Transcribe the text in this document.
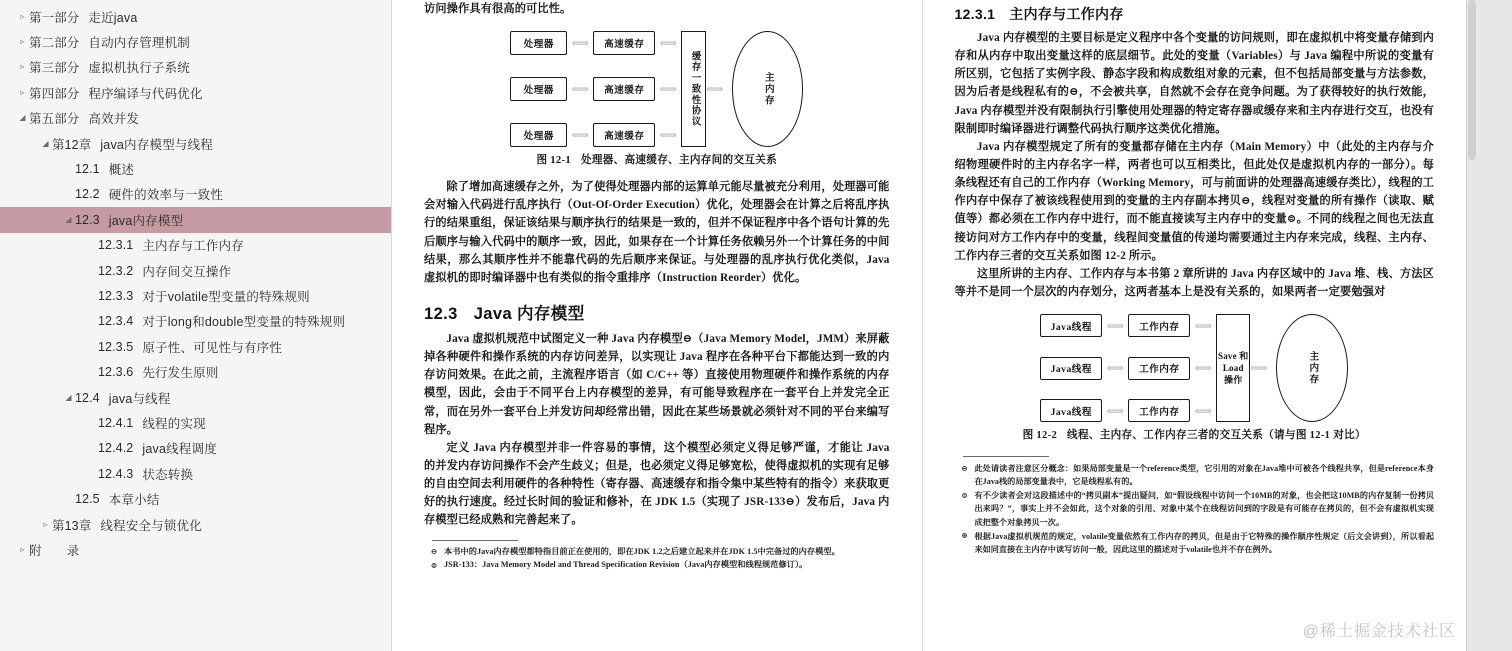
▹ 第一部分 走近java
▹ 第二部分 自动内存管理机制
▹ 第三部分 虚拟机执行子系统
▹ 第四部分 程序编译与代码优化
◢ 第五部分 高效并发
◢ 第12章 java内存模型与线程
12.1 概述
12.2 硬件的效率与一致性
◢ 12.3 java内存模型
12.3.1 主内存与工作内存
12.3.2 内存间交互操作
12.3.3 对于volatile型变量的特殊规则
12.3.4 对于long和double型变量的特殊规则
12.3.5 原子性、可见性与有序性
12.3.6 先行发生原则
◢ 12.4 java与线程
12.4.1 线程的实现
12.4.2 java线程调度
12.4.3 状态转换
12.5 本章小结
▹ 第13章 线程安全与锁优化
▹ 附　　录

访问操作具有很高的可比性。

处理器
处理器
处理器
⟺
⟺
⟺
高速缓存
高速缓存
高速缓存
⟺
⟺
⟺
缓存一致性协议 ⟺	主内存
图 12-1 处理器、高速缓存、主内存间的交互关系

除了增加高速缓存之外，为了使得处理器内部的运算单元能尽量被充分利用，处理器可能会对输入代码进行乱序执行（Out-Of-Order Execution）优化，处理器会在计算之后将乱序执行的结果重组，保证该结果与顺序执行的结果是一致的，但并不保证程序中各个语句计算的先后顺序与输入代码中的顺序一致，因此，如果存在一个计算任务依赖另外一个计算任务的中间结果，那么其顺序性并不能靠代码的先后顺序来保证。与处理器的乱序执行优化类似，Java 虚拟机的即时编译器中也有类似的指令重排序（Instruction Reorder）优化。

12.3 Java 内存模型

Java 虚拟机规范中试图定义一种 Java 内存模型⊖（Java Memory Model，JMM）来屏蔽掉各种硬件和操作系统的内存访问差异，以实现让 Java 程序在各种平台下都能达到一致的内存访问效果。在此之前，主流程序语言（如 C/C++ 等）直接使用物理硬件和操作系统的内存模型，因此，会由于不同平台上内存模型的差异，有可能导致程序在一套平台上并发完全正常，而在另外一套平台上并发访问却经常出错，因此在某些场景就必须针对不同的平台来编写程序。

定义 Java 内存模型并非一件容易的事情，这个模型必须定义得足够严谨，才能让 Java 的并发内存访问操作不会产生歧义；但是，也必须定义得足够宽松，使得虚拟机的实现有足够的自由空间去利用硬件的各种特性（寄存器、高速缓存和指令集中某些特有的指令）来获取更好的执行速度。经过长时间的验证和修补，在 JDK 1.5（实现了 JSR-133⊖）发布后，Java 内存模型已经成熟和完善起来了。

⊖ 本书中的Java内存模型都特指目前正在使用的，即在JDK 1.2之后建立起来并在JDK 1.5中完备过的内存模型。
⊜ JSR-133：Java Memory Model and Thread Specification Revision（Java内存模型和线程规范修订）。
12.3.1 主内存与工作内存

Java 内存模型的主要目标是定义程序中各个变量的访问规则，即在虚拟机中将变量存储到内存和从内存中取出变量这样的底层细节。此处的变量（Variables）与 Java 编程中所说的变量有所区别，它包括了实例字段、静态字段和构成数组对象的元素，但不包括局部变量与方法参数，因为后者是线程私有的⊖，不会被共享，自然就不会存在竞争问题。为了获得较好的执行效能，Java 内存模型并没有限制执行引擎使用处理器的特定寄存器或缓存来和主内存进行交互，也没有限制即时编译器进行调整代码执行顺序这类优化措施。

Java 内存模型规定了所有的变量都存储在主内存（Main Memory）中（此处的主内存与介绍物理硬件时的主内存名字一样，两者也可以互相类比，但此处仅是虚拟机内存的一部分）。每条线程还有自己的工作内存（Working Memory，可与前面讲的处理器高速缓存类比），线程的工作内存中保存了被该线程使用到的变量的主内存副本拷贝⊖，线程对变量的所有操作（读取、赋值等）都必须在工作内存中进行，而不能直接读写主内存中的变量⊜。不同的线程之间也无法直接访问对方工作内存中的变量，线程间变量值的传递均需要通过主内存来完成，线程、主内存、工作内存三者的交互关系如图 12-2 所示。

这里所讲的主内存、工作内存与本书第 2 章所讲的 Java 内存区域中的 Java 堆、栈、方法区等并不是同一个层次的内存划分，这两者基本上是没有关系的，如果两者一定要勉强对

Java线程
Java线程
Java线程
⟺
⟺
⟺
工作内存
工作内存
工作内存
⟺
⟺
⟺
Save 和 Load 操作
⟺	主内存
图 12-2 线程、主内存、工作内存三者的交互关系（请与图 12-1 对比）
⊖ 此处请读者注意区分概念：如果局部变量是一个reference类型，它引用的对象在Java堆中可被各个线程共享，但是reference本身在Java栈的局部变量表中，它是线程私有的。
⊜ 有不少读者会对这段描述中的“拷贝副本”提出疑问，如“假设线程中访问一个10MB的对象，也会把这10MB的内存复制一份拷贝出来吗？”，事实上并不会如此，这个对象的引用、对象中某个在线程访问到的字段是有可能存在拷贝的，但不会有虚拟机实现成把整个对象拷贝一次。
⊛ 根据Java虚拟机规范的规定，volatile变量依然有工作内存的拷贝，但是由于它特殊的操作顺序性规定（后文会讲到），所以看起来如同直接在主内存中读写访问一般，因此这里的描述对于volatile也并不存在例外。
@稀土掘金技术社区
